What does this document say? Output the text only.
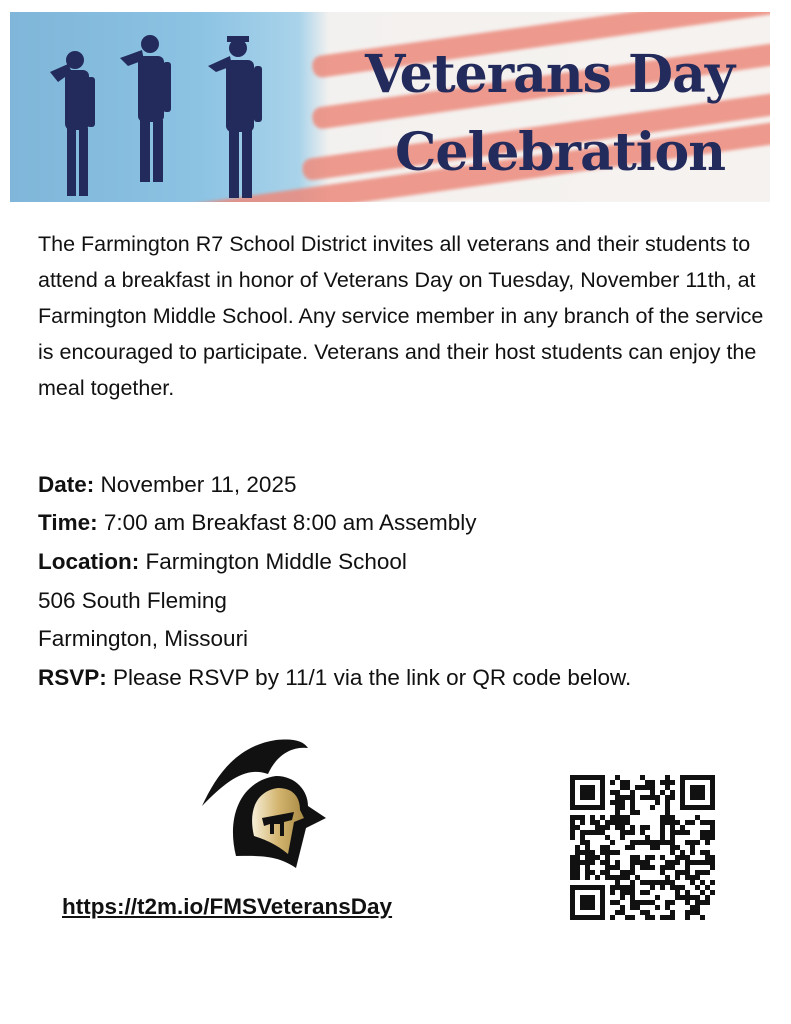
Veterans Day
Celebration

The Farmington R7 School District invites all veterans and their students to attend a breakfast in honor of Veterans Day on Tuesday, November 11th, at Farmington Middle School. Any service member in any branch of the service is encouraged to participate. Veterans and their host students can enjoy the meal together.

Date: November 11, 2025
Time: 7:00 am Breakfast 8:00 am Assembly
Location: Farmington Middle School
506 South Fleming
Farmington, Missouri
RSVP: Please RSVP by 11/1 via the link or QR code below.
https://t2m.io/FMSVeteransDay
